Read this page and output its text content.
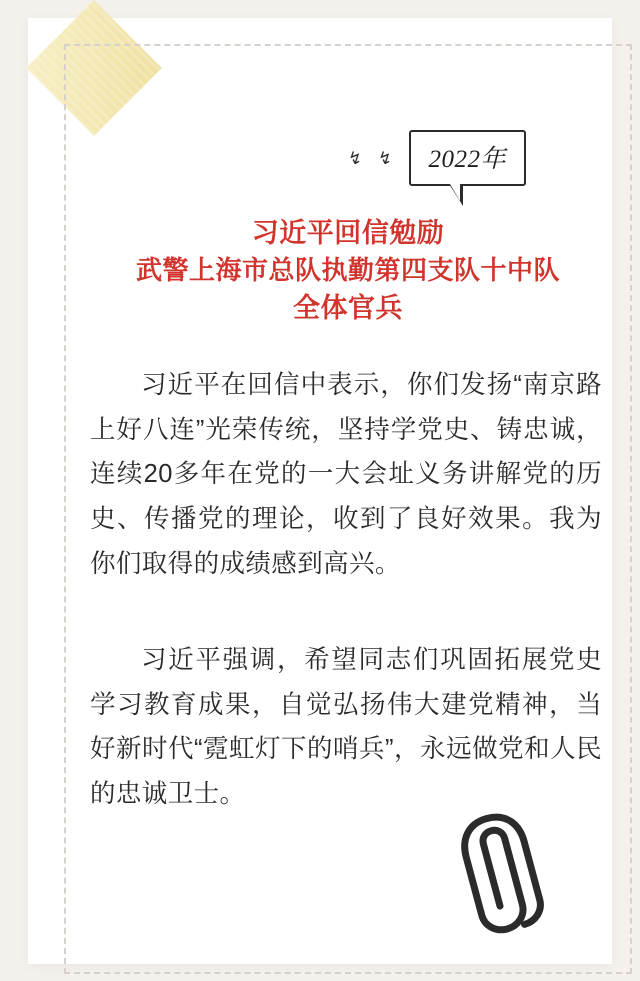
↯ ↯	2022年
习近平回信勉励
武警上海市总队执勤第四支队十中队
全体官兵

习近平在回信中表示，你们发扬“南京路上好八连”光荣传统，坚持学党史、铸忠诚，连续20多年在党的一大会址义务讲解党的历史、传播党的理论，收到了良好效果。我为你们取得的成绩感到高兴。

习近平强调，希望同志们巩固拓展党史学习教育成果，自觉弘扬伟大建党精神，当好新时代“霓虹灯下的哨兵”，永远做党和人民的忠诚卫士。
